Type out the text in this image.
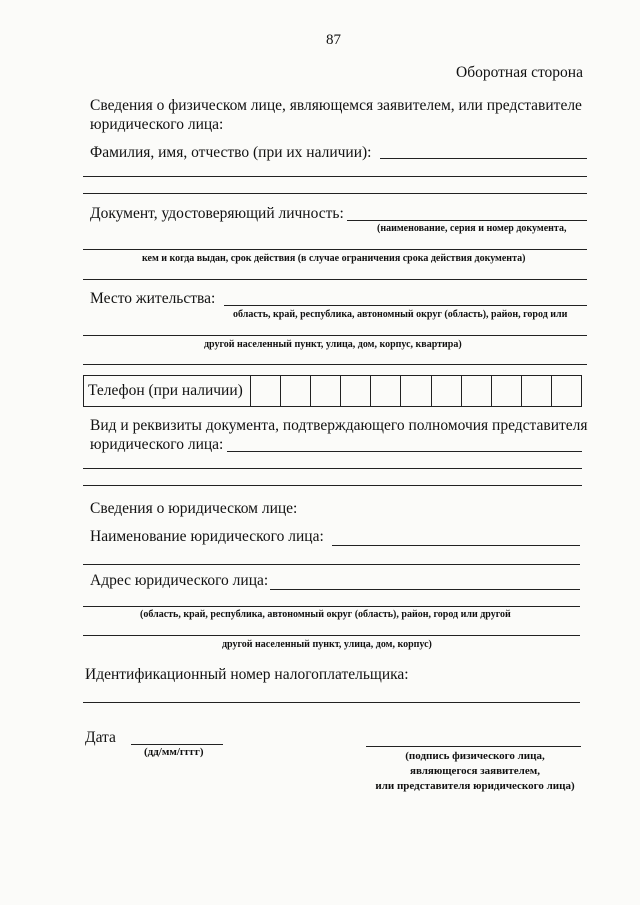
87
Оборотная сторона
Сведения о физическом лице, являющемся заявителем, или представителе
юридического лица:
Фамилия, имя, отчество (при их наличии):
Документ, удостоверяющий личность:
(наименование, серия и номер документа,
кем и когда выдан, срок действия (в случае ограничения срока действия документа)
Место жительства:
область, край, республика, автономный округ (область), район, город или
другой населенный пункт, улица, дом, корпус, квартира)
Телефон (при наличии)
Вид и реквизиты документа, подтверждающего полномочия представителя
юридического лица:
Сведения о юридическом лице:
Наименование юридического лица:
Адрес юридического лица:
(область, край, республика, автономный округ (область), район, город или другой
другой населенный пункт, улица, дом, корпус)
Идентификационный номер налогоплательщика:
Дата
(дд/мм/гггг)	(подпись физического лица,
являющегося заявителем,
или представителя юридического лица)
